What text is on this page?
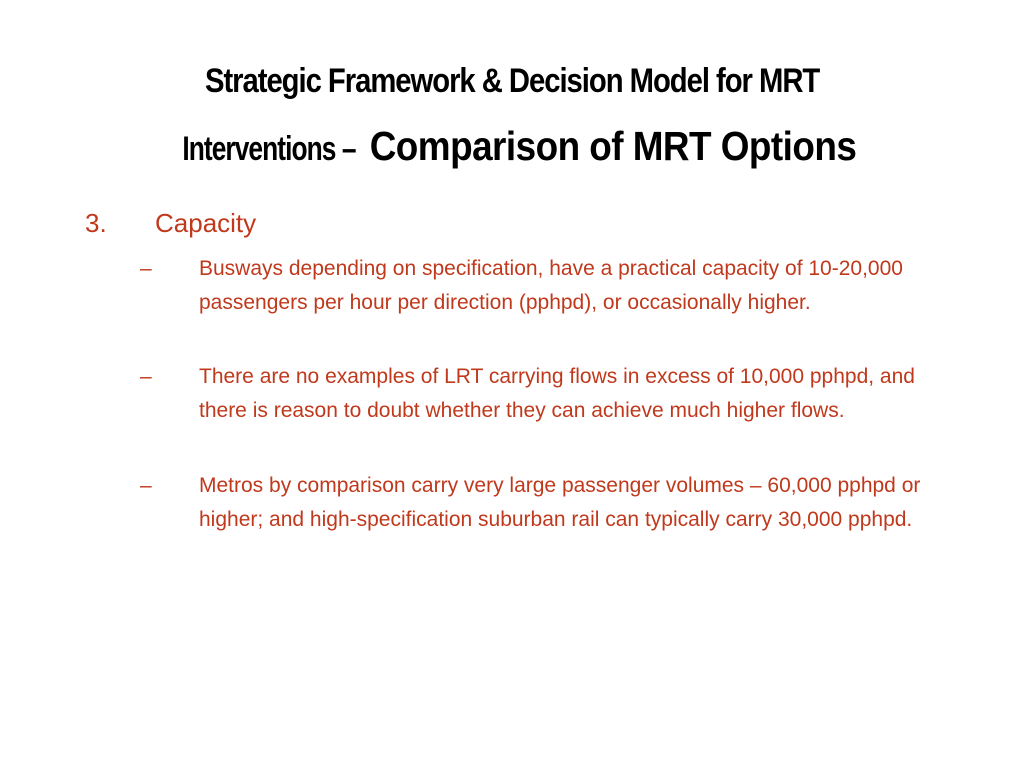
Strategic Framework & Decision Model for MRT
Interventions –Comparison of MRT Options
3.	Capacity
–	Busways depending on specification, have a practical capacity of 10-20,000 passengers per hour per direction (pphpd), or occasionally higher.
–	There are no examples of LRT carrying flows in excess of 10,000 pphpd, and there is reason to doubt whether they can achieve much higher flows.
–	Metros by comparison carry very large passenger volumes – 60,000 pphpd or higher; and high-specification suburban rail can typically carry 30,000 pphpd.
